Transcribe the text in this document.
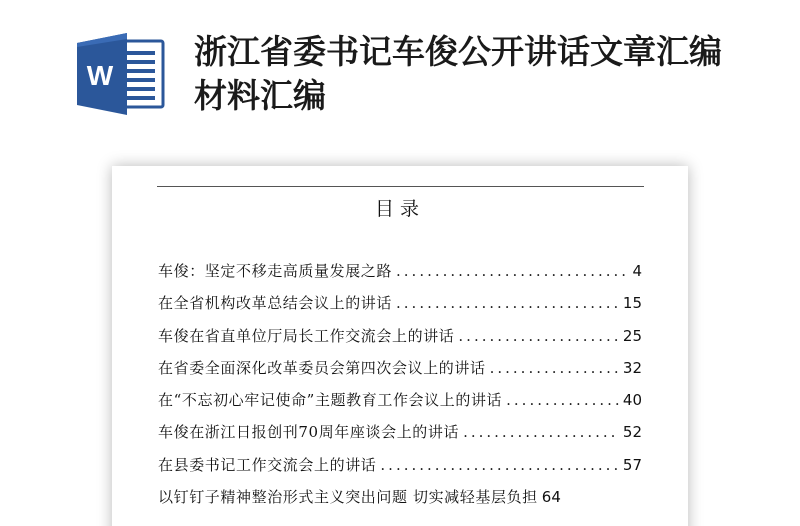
W
浙江省委书记车俊公开讲话文章汇编材料汇编
目录
车俊：坚定不移走高质量发展之路 .....	4
在全省机构改革总结会议上的讲话 .....	15
车俊在省直单位厅局长工作交流会上的讲话 .....	25
在省委全面深化改革委员会第四次会议上的讲话 .....	32
在“不忘初心牢记使命”主题教育工作会议上的讲话 .....	40
车俊在浙江日报创刊70周年座谈会上的讲话 .....	52
在县委书记工作交流会上的讲话 .....	57
以钉钉子精神整治形式主义突出问题 切实减轻基层负担 64
